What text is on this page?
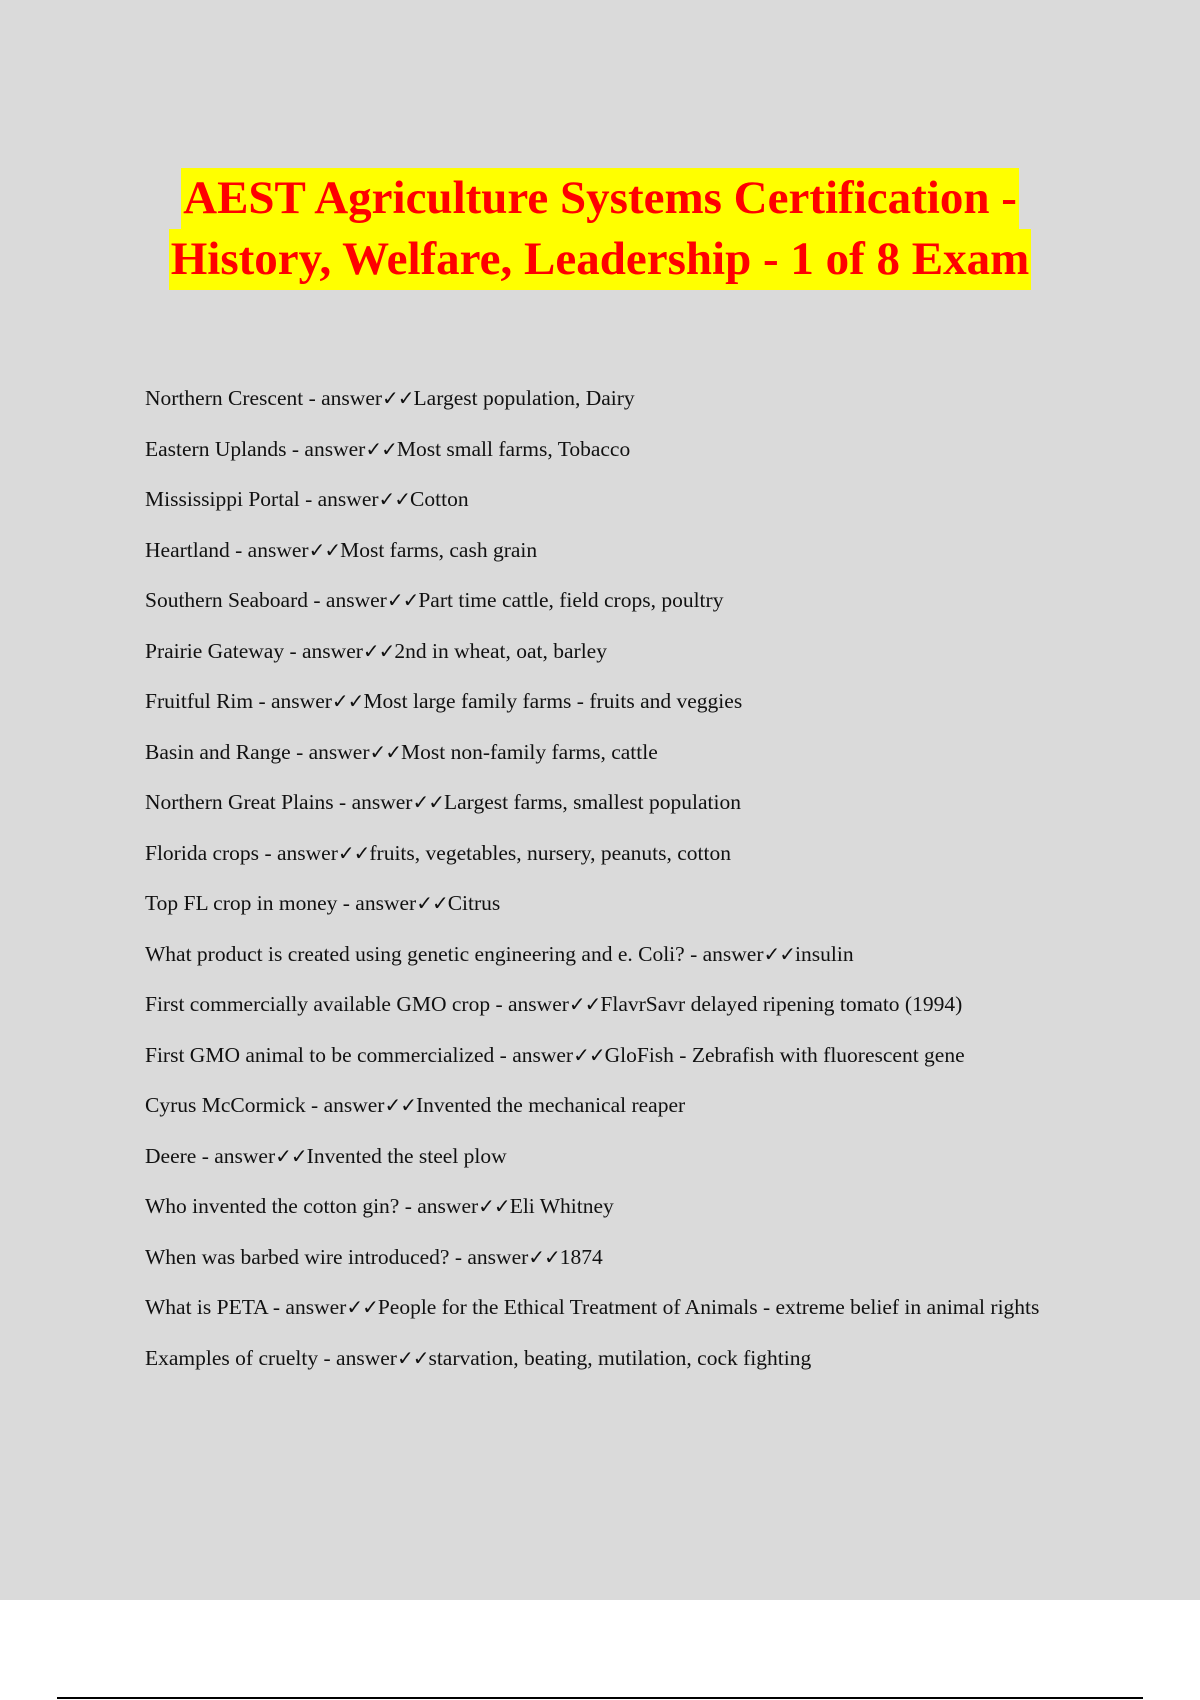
AEST Agriculture Systems Certification -
History, Welfare, Leadership - 1 of 8 Exam
Northern Crescent - answer✓✓Largest population, Dairy
Eastern Uplands - answer✓✓Most small farms, Tobacco
Mississippi Portal - answer✓✓Cotton
Heartland - answer✓✓Most farms, cash grain
Southern Seaboard - answer✓✓Part time cattle, field crops, poultry
Prairie Gateway - answer✓✓2nd in wheat, oat, barley
Fruitful Rim - answer✓✓Most large family farms - fruits and veggies
Basin and Range - answer✓✓Most non-family farms, cattle
Northern Great Plains - answer✓✓Largest farms, smallest population
Florida crops - answer✓✓fruits, vegetables, nursery, peanuts, cotton
Top FL crop in money - answer✓✓Citrus
What product is created using genetic engineering and e. Coli? - answer✓✓insulin
First commercially available GMO crop - answer✓✓FlavrSavr delayed ripening tomato (1994)
First GMO animal to be commercialized - answer✓✓GloFish - Zebrafish with fluorescent gene
Cyrus McCormick - answer✓✓Invented the mechanical reaper
Deere - answer✓✓Invented the steel plow
Who invented the cotton gin? - answer✓✓Eli Whitney
When was barbed wire introduced? - answer✓✓1874
What is PETA - answer✓✓People for the Ethical Treatment of Animals - extreme belief in animal rights
Examples of cruelty - answer✓✓starvation, beating, mutilation, cock fighting
